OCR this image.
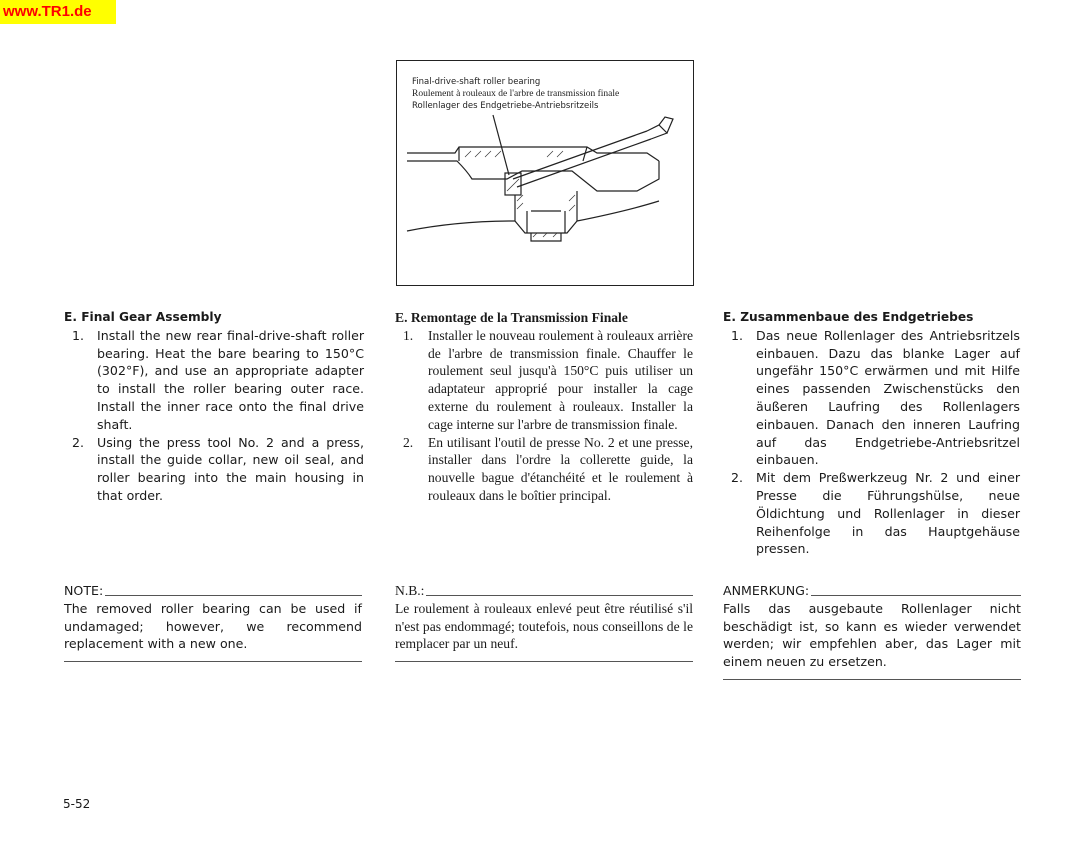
www.TR1.de
Final-drive-shaft roller bearing
Roulement à rouleaux de l'arbre de transmission finale
Rollenlager des Endgetriebe-Antriebsritzeils
E. Final Gear Assembly
1. Install the new rear final-drive-shaft roller bearing. Heat the bare bearing to 150°C (302°F), and use an appropriate adapter to install the roller bearing outer race. Install the inner race onto the final drive shaft.
2. Using the press tool No. 2 and a press, install the guide collar, new oil seal, and roller bearing into the main housing in that order.
NOTE:
The removed roller bearing can be used if undamaged; however, we recommend replacement with a new one.
E. Remontage de la Transmission Finale
1. Installer le nouveau roulement à rouleaux arrière de l'arbre de transmission finale. Chauffer le roulement seul jusqu'à 150°C puis utiliser un adaptateur approprié pour installer la cage externe du roulement à rouleaux. Installer la cage interne sur l'arbre de transmission finale.
2. En utilisant l'outil de presse No. 2 et une presse, installer dans l'ordre la collerette guide, la nouvelle bague d'étanchéité et le roulement à rouleaux dans le boîtier principal.
N.B.:
Le roulement à rouleaux enlevé peut être réutilisé s'il n'est pas endommagé; toutefois, nous conseillons de le remplacer par un neuf.
E. Zusammenbaue des Endgetriebes
1. Das neue Rollenlager des Antriebsritzels einbauen. Dazu das blanke Lager auf ungefähr 150°C erwärmen und mit Hilfe eines passenden Zwischenstücks den äußeren Laufring des Rollenlagers einbauen. Danach den inneren Laufring auf das Endgetriebe-Antriebsritzel einbauen.
2. Mit dem Preßwerkzeug Nr. 2 und einer Presse die Führungshülse, neue Öldichtung und Rollenlager in dieser Reihenfolge in das Hauptgehäuse pressen.
ANMERKUNG:
Falls das ausgebaute Rollenlager nicht beschädigt ist, so kann es wieder verwendet werden; wir empfehlen aber, das Lager mit einem neuen zu ersetzen.
5-52
